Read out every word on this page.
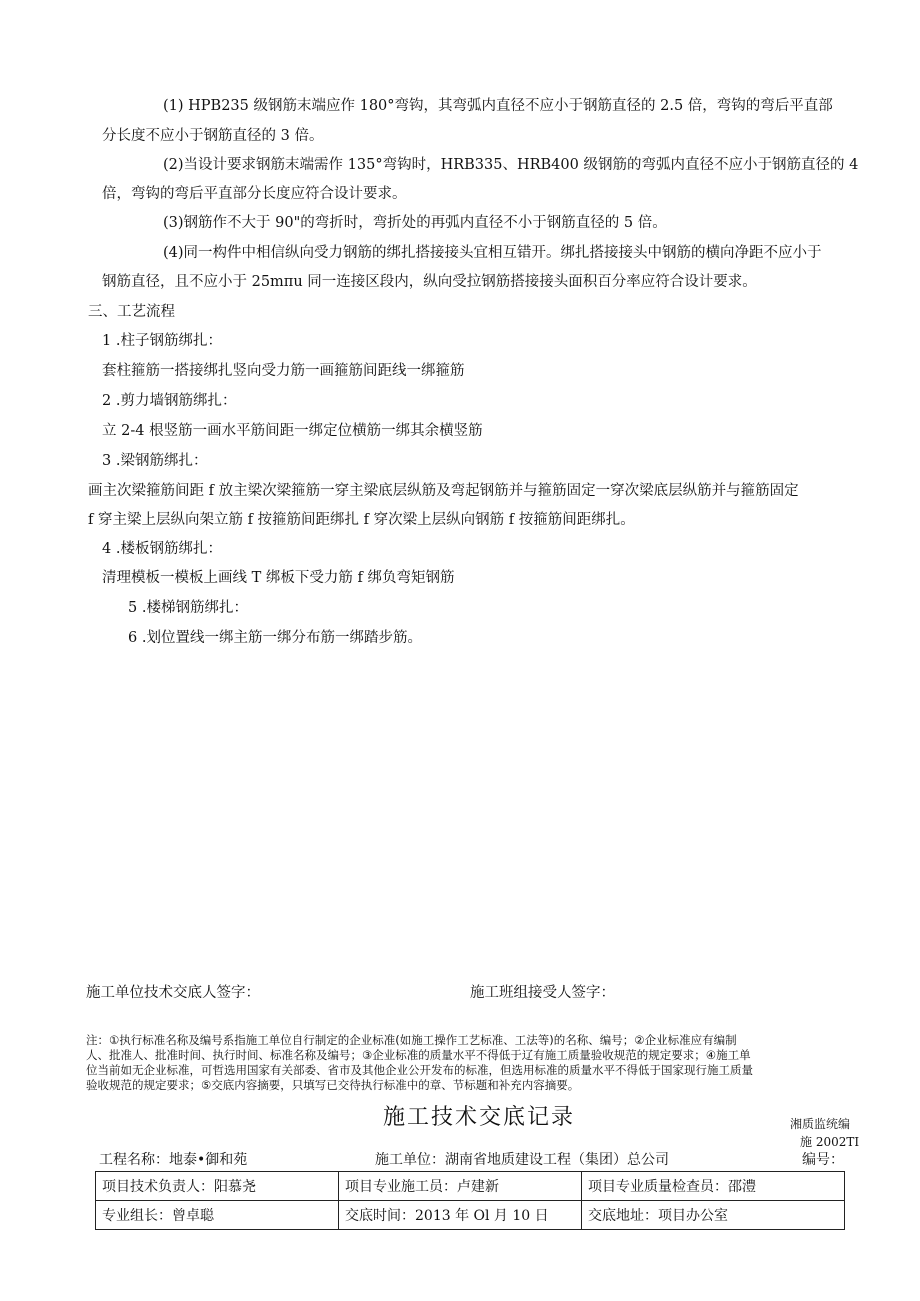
(1) HPB235 级钢筋末端应作 180°弯钩，其弯弧内直径不应小于钢筋直径的 2.5 倍，弯钩的弯后平直部
分长度不应小于钢筋直径的 3 倍。
(2)当设计要求钢筋末端需作 135°弯钩时，HRB335、HRB400 级钢筋的弯弧内直径不应小于钢筋直径的 4
倍，弯钩的弯后平直部分长度应符合设计要求。
(3)钢筋作不大于 90"的弯折时，弯折处的再弧内直径不小于钢筋直径的 5 倍。
(4)同一构件中相信纵向受力钢筋的绑扎搭接接头宜相互错开。绑扎搭接接头中钢筋的横向净距不应小于
钢筋直径，且不应小于 25mπu 同一连接区段内，纵向受拉钢筋搭接接头面积百分率应符合设计要求。
三、工艺流程
1 .柱子钢筋绑扎：
套柱箍筋一搭接绑扎竖向受力筋一画箍筋间距线一绑箍筋
2 .剪力墙钢筋绑扎：
立 2-4 根竖筋一画水平筋间距一绑定位横筋一绑其余横竖筋
3 .梁钢筋绑扎：
画主次梁箍筋间距 f 放主梁次梁箍筋一穿主梁底层纵筋及弯起钢筋并与箍筋固定一穿次梁底层纵筋并与箍筋固定
f 穿主梁上层纵向架立筋 f 按箍筋间距绑扎 f 穿次梁上层纵向钢筋 f 按箍筋间距绑扎。
4 .楼板钢筋绑扎：
清理模板一模板上画线 T 绑板下受力筋 f 绑负弯矩钢筋
5 .楼梯钢筋绑扎：
6 .划位置线一绑主筋一绑分布筋一绑踏步筋。
施工单位技术交底人签字：	施工班组接受人签字：
注：①执行标准名称及编号系指施工单位自行制定的企业标准(如施工操作工艺标准、工法等)的名称、编号；②企业标准应有编制
人、批准人、批准时间、执行时间、标准名称及编号；③企业标准的质量水平不得低于辽有施工质量验收规范的规定要求；④施工单
位当前如无企业标准，可哲选用国家有关部委、省市及其他企业公开发布的标准，但选用标准的质量水平不得低于国家现行施工质量
验收规范的规定要求；⑤交底内容摘要，只填写已交待执行标准中的章、节标题和补充内容摘要。
施工技术交底记录	湘质监统编
施 2002TI
工程名称：地泰•御和苑	施工单位：湖南省地质建设工程（集团）总公司	编号：
项目技术负责人：阳慕尧	项目专业施工员：卢建新	项目专业质量检查员：邵澧
专业组长：曾卓聪	交底时间：2013 年 Ol 月 10 日	交底地址：项目办公室
